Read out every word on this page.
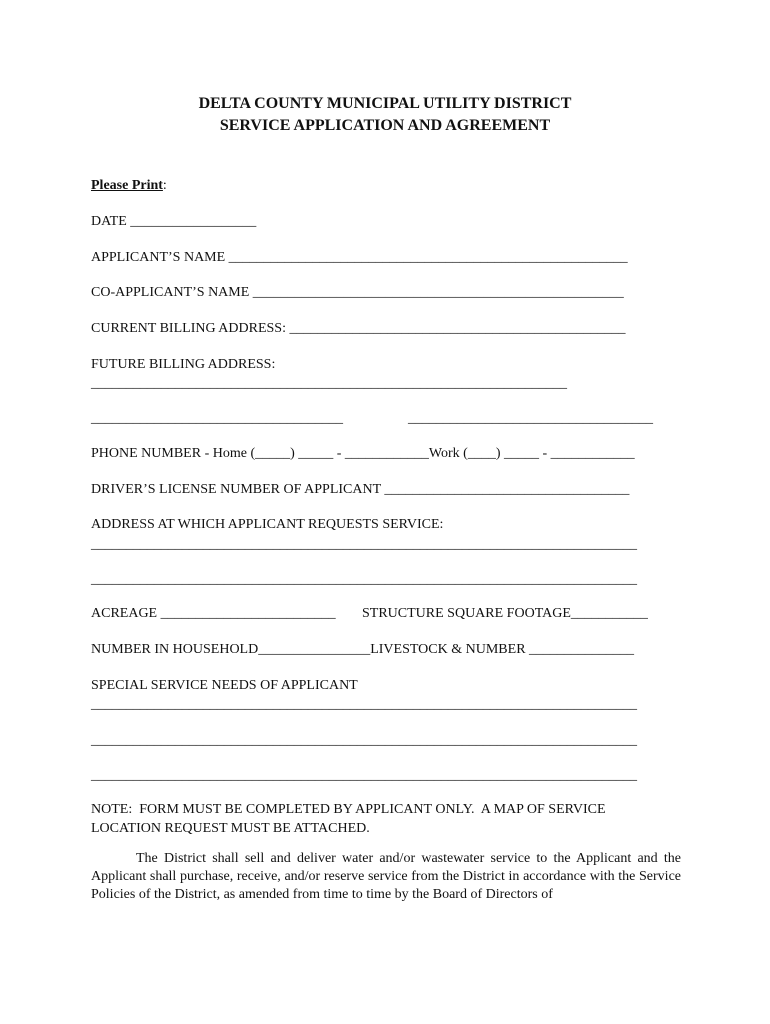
DELTA COUNTY MUNICIPAL UTILITY DISTRICT
SERVICE APPLICATION AND AGREEMENT
Please Print:
DATE __________________
APPLICANT’S NAME _________________________________________________________
CO-APPLICANT’S NAME _____________________________________________________
CURRENT BILLING ADDRESS: ________________________________________________
FUTURE BILLING ADDRESS:
____________________________________________________________________
____________________________________	___________________________________
PHONE NUMBER - Home (_____) _____ - ____________Work (____) _____ - ____________
DRIVER’S LICENSE NUMBER OF APPLICANT ___________________________________
ADDRESS AT WHICH APPLICANT REQUESTS SERVICE:
______________________________________________________________________________
______________________________________________________________________________
ACREAGE _________________________ STRUCTURE SQUARE FOOTAGE___________
NUMBER IN HOUSEHOLD________________LIVESTOCK & NUMBER _______________
SPECIAL SERVICE NEEDS OF APPLICANT
______________________________________________________________________________
______________________________________________________________________________
______________________________________________________________________________
NOTE:  FORM MUST BE COMPLETED BY APPLICANT ONLY.  A MAP OF SERVICE
LOCATION REQUEST MUST BE ATTACHED.
The District shall sell and deliver water and/or wastewater service to the Applicant and the Applicant shall purchase, receive, and/or reserve service from the District in accordance with the Service Policies of the District, as amended from time to time by the Board of Directors of
